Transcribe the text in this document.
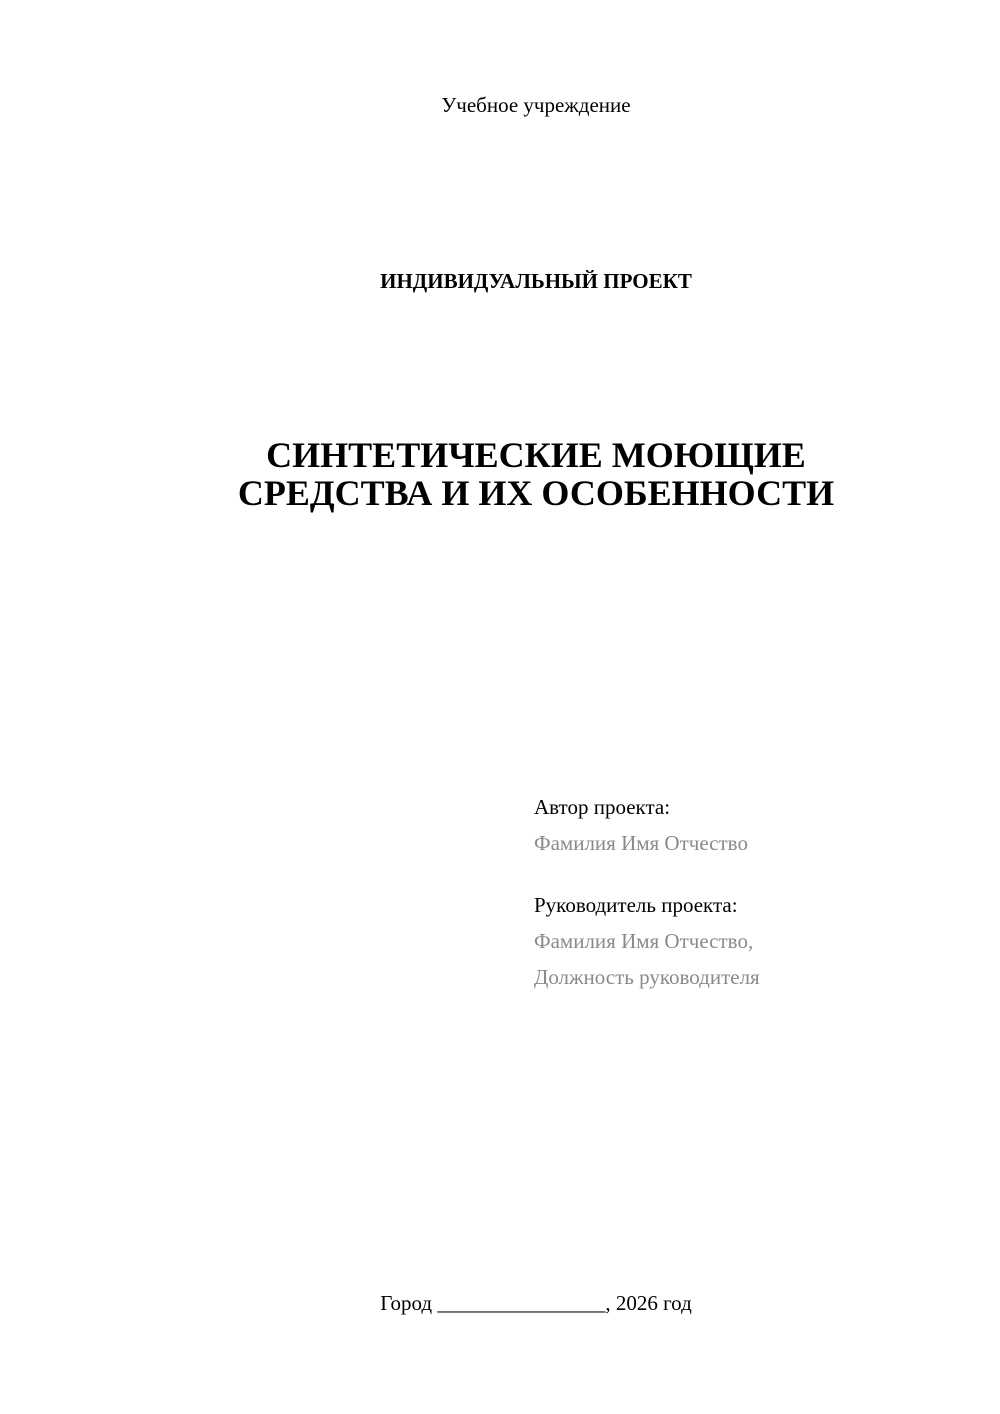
Учебное учреждение
ИНДИВИДУАЛЬНЫЙ ПРОЕКТ
СИНТЕТИЧЕСКИЕ МОЮЩИЕ
СРЕДСТВА И ИХ ОСОБЕННОСТИ
Автор проекта:
Фамилия Имя Отчество
Руководитель проекта:
Фамилия Имя Отчество,
Должность руководителя
Город ________________, 2026 год
